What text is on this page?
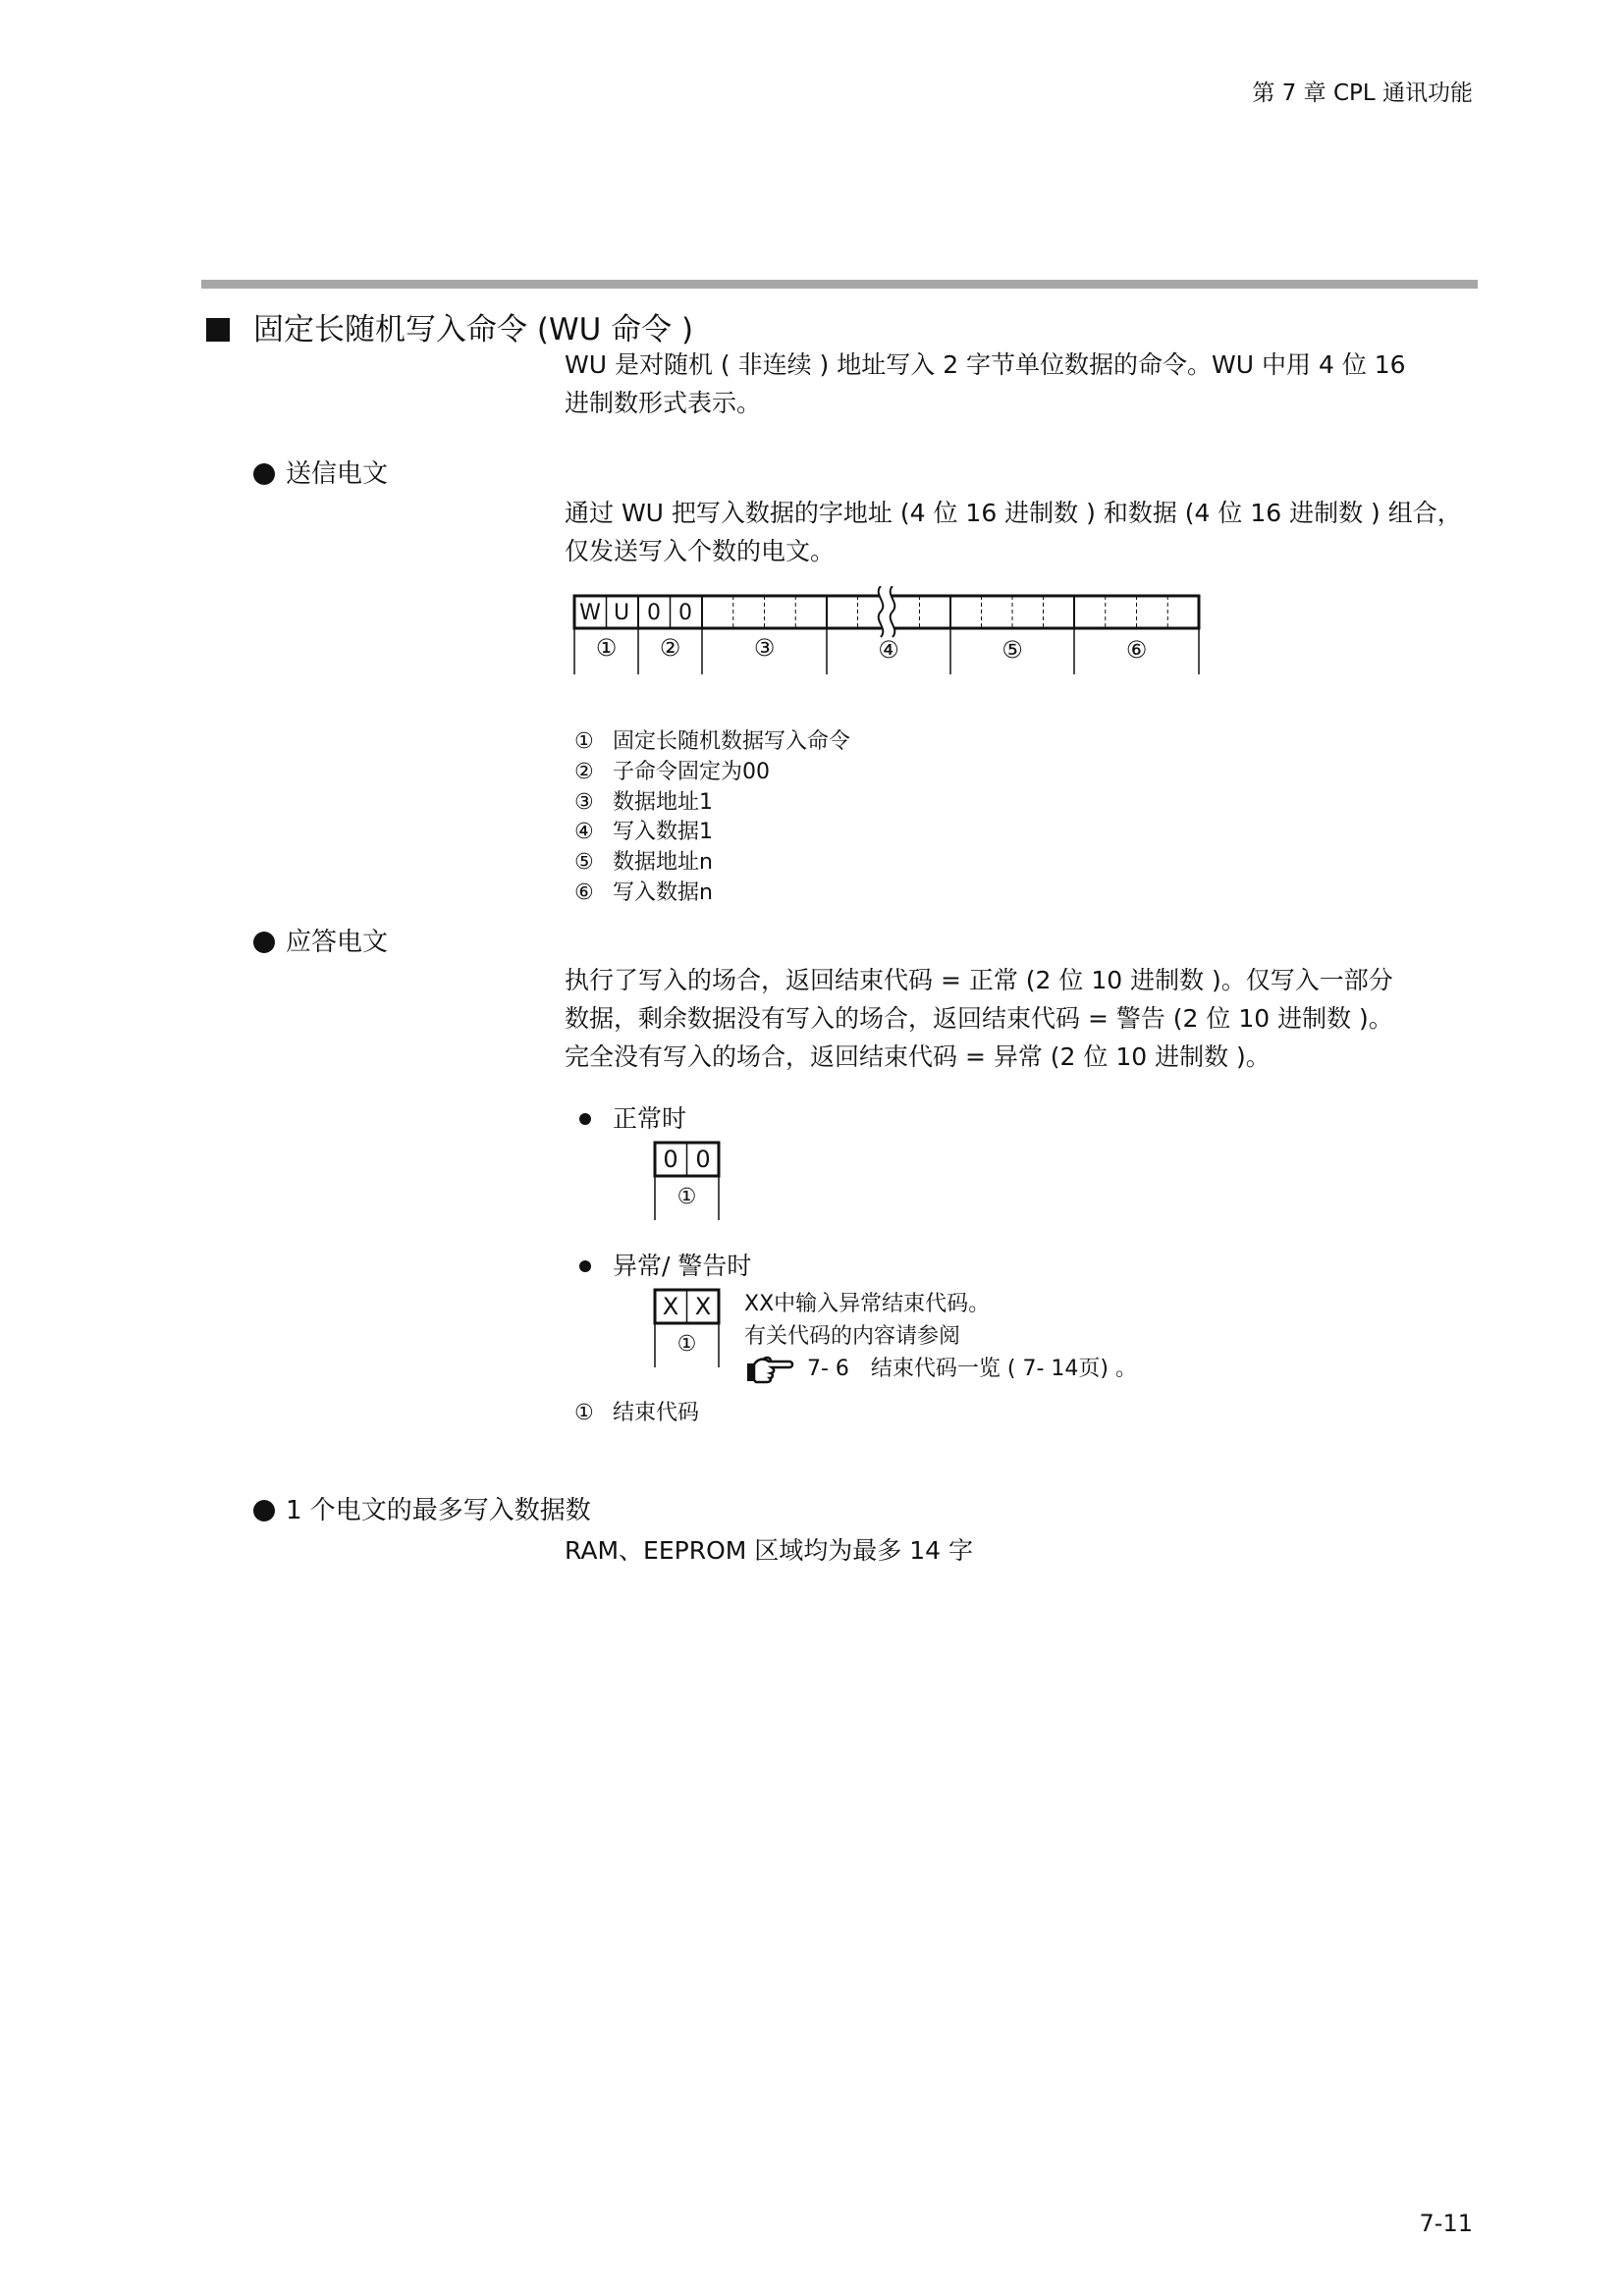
第 7 章 CPL 通讯功能
固定长随机写入命令 (WU 命令 )
WU 是对随机 ( 非连续 ) 地址写入 2 字节单位数据的命令。WU 中用 4 位 16
进制数形式表示。
送信电文
通过 WU 把写入数据的字地址 (4 位 16 进制数 ) 和数据 (4 位 16 进制数 ) 组合，
仅发送写入个数的电文。
W U 0 0
① ②	③	④	⑤	⑥
① 固定长随机数据写入命令
② 子命令固定为00
③ 数据地址1
④ 写入数据1
⑤ 数据地址n
⑥ 写入数据n
应答电文
执行了写入的场合，返回结束代码 = 正常 (2 位 10 进制数 )。仅写入一部分
数据，剩余数据没有写入的场合，返回结束代码 = 警告 (2 位 10 进制数 )。
完全没有写入的场合，返回结束代码 = 异常 (2 位 10 进制数 )。
正常时
0 0
①
异常/ 警告时
X X
①
XX中输入异常结束代码。
有关代码的内容请参阅
7- 6　结束代码一览 ( 7- 14页) 。
① 结束代码
1 个电文的最多写入数据数
RAM、EEPROM 区域均为最多 14 字
7-11
